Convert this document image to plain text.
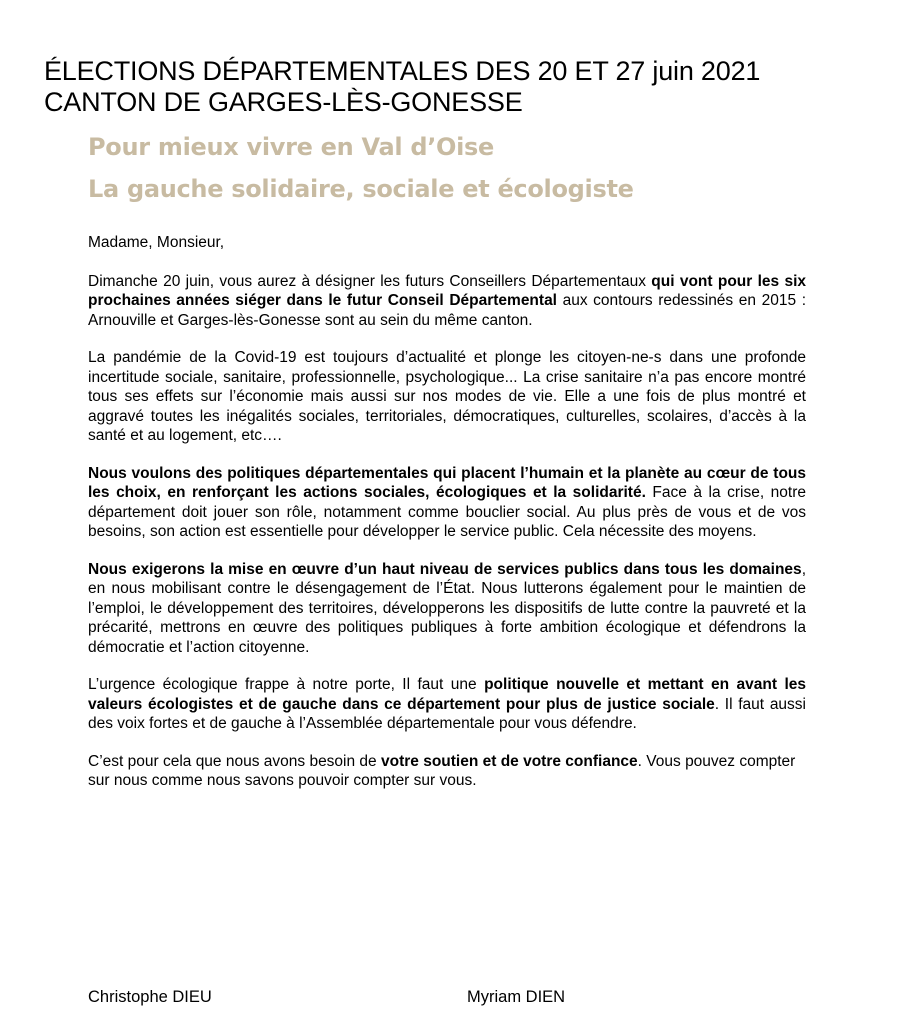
ÉLECTIONS DÉPARTEMENTALES DES 20 ET 27 juin 2021
CANTON DE GARGES-LÈS-GONESSE
Pour mieux vivre en Val d’Oise
La gauche solidaire, sociale et écologiste

Madame, Monsieur,

Dimanche 20 juin, vous aurez à désigner les futurs Conseillers Départementaux qui vont pour les six prochaines années siéger dans le futur Conseil Départemental aux contours redessinés en 2015 : Arnouville et Garges-lès-Gonesse sont au sein du même canton.

La pandémie de la Covid-19 est toujours d’actualité et plonge les citoyen-ne-s dans une profonde incertitude sociale, sanitaire, professionnelle, psychologique... La crise sanitaire n’a pas encore montré tous ses effets sur l’économie mais aussi sur nos modes de vie. Elle a une fois de plus montré et aggravé toutes les inégalités sociales, territoriales, démocratiques, culturelles, scolaires, d’accès à la santé et au logement, etc….

Nous voulons des politiques départementales qui placent l’humain et la planète au cœur de tous les choix, en renforçant les actions sociales, écologiques et la solidarité. Face à la crise, notre département doit jouer son rôle, notamment comme bouclier social. Au plus près de vous et de vos besoins, son action est essentielle pour développer le service public. Cela nécessite des moyens.

Nous exigerons la mise en œuvre d’un haut niveau de services publics dans tous les domaines, en nous mobilisant contre le désengagement de l’État. Nous lutterons également pour le maintien de l’emploi, le développement des territoires, développerons les dispositifs de lutte contre la pauvreté et la précarité, mettrons en œuvre des politiques publiques à forte ambition écologique et défendrons la démocratie et l’action citoyenne.

L’urgence écologique frappe à notre porte, Il faut une politique nouvelle et mettant en avant les valeurs écologistes et de gauche dans ce département pour plus de justice sociale. Il faut aussi des voix fortes et de gauche à l’Assemblée départementale pour vous défendre.

C’est pour cela que nous avons besoin de votre soutien et de votre confiance. Vous pouvez compter sur nous comme nous savons pouvoir compter sur vous.

Christophe DIEU	Myriam DIEN
